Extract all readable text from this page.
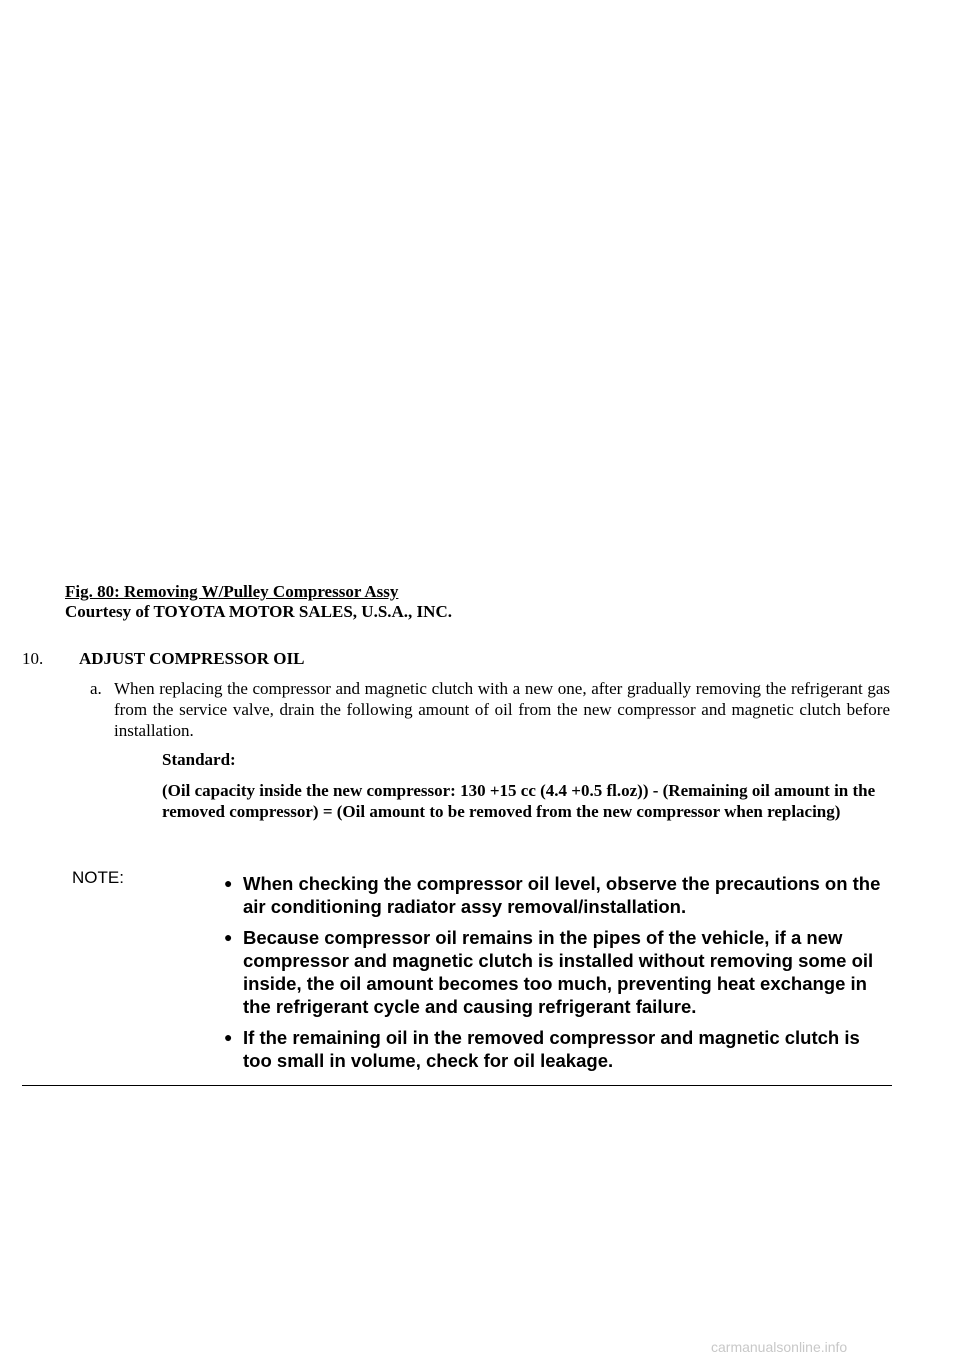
Fig. 80: Removing W/Pulley Compressor Assy
Courtesy of TOYOTA MOTOR SALES, U.S.A., INC.
10. ADJUST COMPRESSOR OIL
a. When replacing the compressor and magnetic clutch with a new one, after gradually removing the refrigerant gas from the service valve, drain the following amount of oil from the new compressor and magnetic clutch before installation.
Standard:
(Oil capacity inside the new compressor: 130 +15 cc (4.4 +0.5 fl.oz)) - (Remaining oil amount in the removed compressor) = (Oil amount to be removed from the new compressor when replacing)
NOTE:	● When checking the compressor oil level, observe the precautions on the air conditioning radiator assy removal/installation.
● Because compressor oil remains in the pipes of the vehicle, if a new compressor and magnetic clutch is installed without removing some oil inside, the oil amount becomes too much, preventing heat exchange in the refrigerant cycle and causing refrigerant failure.
● If the remaining oil in the removed compressor and magnetic clutch is too small in volume, check for oil leakage.
carmanualsonline.info
